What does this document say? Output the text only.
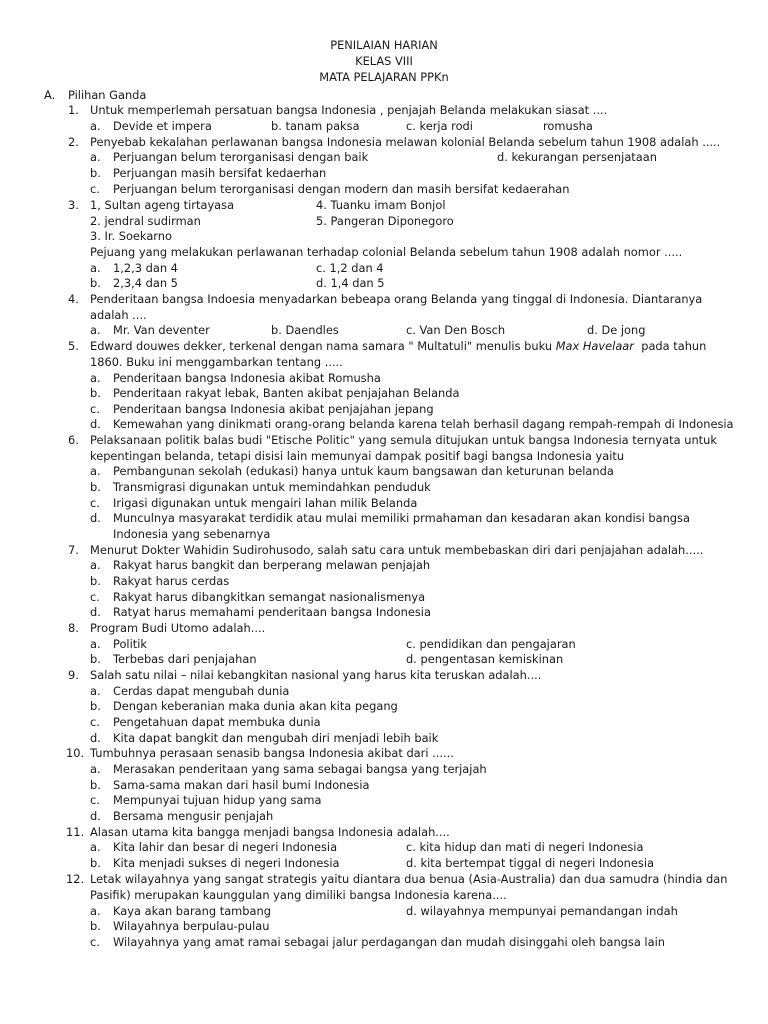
PENILAIAN HARIAN
KELAS VIII
MATA PELAJARAN PPKn
A. Pilihan Ganda
1. Untuk memperlemah persatuan bangsa Indonesia , penjajah Belanda melakukan siasat ....
a. Devide et impera	b. tanam paksa	c. kerja rodi	romusha
2. Penyebab kekalahan perlawanan bangsa Indonesia melawan kolonial Belanda sebelum tahun 1908 adalah .....
a. Perjuangan belum terorganisasi dengan baik	d. kekurangan persenjataan
b. Perjuangan masih bersifat kedaerhan
c. Perjuangan belum terorganisasi dengan modern dan masih bersifat kedaerahan
3. 1, Sultan ageng tirtayasa	4. Tuanku imam Bonjol
2. jendral sudirman	5. Pangeran Diponegoro
3. Ir. Soekarno
Pejuang yang melakukan perlawanan terhadap colonial Belanda sebelum tahun 1908 adalah nomor .....
a. 1,2,3 dan 4	c. 1,2 dan 4
b. 2,3,4 dan 5	d. 1,4 dan 5
4. Penderitaan bangsa Indoesia menyadarkan bebeapa orang Belanda yang tinggal di Indonesia. Diantaranya
adalah ....
a. Mr. Van deventer	b. Daendles	c. Van Den Bosch	d. De jong
5. Edward douwes dekker, terkenal dengan nama samara " Multatuli" menulis buku Max Havelaar  pada tahun
1860. Buku ini menggambarkan tentang .....
a. Penderitaan bangsa Indonesia akibat Romusha
b. Penderitaan rakyat lebak, Banten akibat penjajahan Belanda
c. Penderitaan bangsa Indonesia akibat penjajahan jepang
d. Kemewahan yang dinikmati orang-orang belanda karena telah berhasil dagang rempah-rempah di Indonesia
6. Pelaksanaan politik balas budi "Etische Politic" yang semula ditujukan untuk bangsa Indonesia ternyata untuk
kepentingan belanda, tetapi disisi lain memunyai dampak positif bagi bangsa Indonesia yaitu
a. Pembangunan sekolah (edukasi) hanya untuk kaum bangsawan dan keturunan belanda
b. Transmigrasi digunakan untuk memindahkan penduduk
c. Irigasi digunakan untuk mengairi lahan milik Belanda
d. Munculnya masyarakat terdidik atau mulai memiliki prmahaman dan kesadaran akan kondisi bangsa
Indonesia yang sebenarnya
7. Menurut Dokter Wahidin Sudirohusodo, salah satu cara untuk membebaskan diri dari penjajahan adalah.....
a. Rakyat harus bangkit dan berperang melawan penjajah
b. Rakyat harus cerdas
c. Rakyat harus dibangkitkan semangat nasionalismenya
d. Ratyat harus memahami penderitaan bangsa Indonesia
8. Program Budi Utomo adalah....
a. Politik	c. pendidikan dan pengajaran
b. Terbebas dari penjajahan	d. pengentasan kemiskinan
9. Salah satu nilai – nilai kebangkitan nasional yang harus kita teruskan adalah....
a. Cerdas dapat mengubah dunia
b. Dengan keberanian maka dunia akan kita pegang
c. Pengetahuan dapat membuka dunia
d. Kita dapat bangkit dan mengubah diri menjadi lebih baik
10. Tumbuhnya perasaan senasib bangsa Indonesia akibat dari ......
a. Merasakan penderitaan yang sama sebagai bangsa yang terjajah
b. Sama-sama makan dari hasil bumi Indonesia
c. Mempunyai tujuan hidup yang sama
d. Bersama mengusir penjajah
11. Alasan utama kita bangga menjadi bangsa Indonesia adalah....
a. Kita lahir dan besar di negeri Indonesia	c. kita hidup dan mati di negeri Indonesia
b. Kita menjadi sukses di negeri Indonesia	d. kita bertempat tiggal di negeri Indonesia
12. Letak wilayahnya yang sangat strategis yaitu diantara dua benua (Asia-Australia) dan dua samudra (hindia dan
Pasifik) merupakan kaunggulan yang dimiliki bangsa Indonesia karena....
a. Kaya akan barang tambang	d. wilayahnya mempunyai pemandangan indah
b. Wilayahnya berpulau-pulau
c. Wilayahnya yang amat ramai sebagai jalur perdagangan dan mudah disinggahi oleh bangsa lain
